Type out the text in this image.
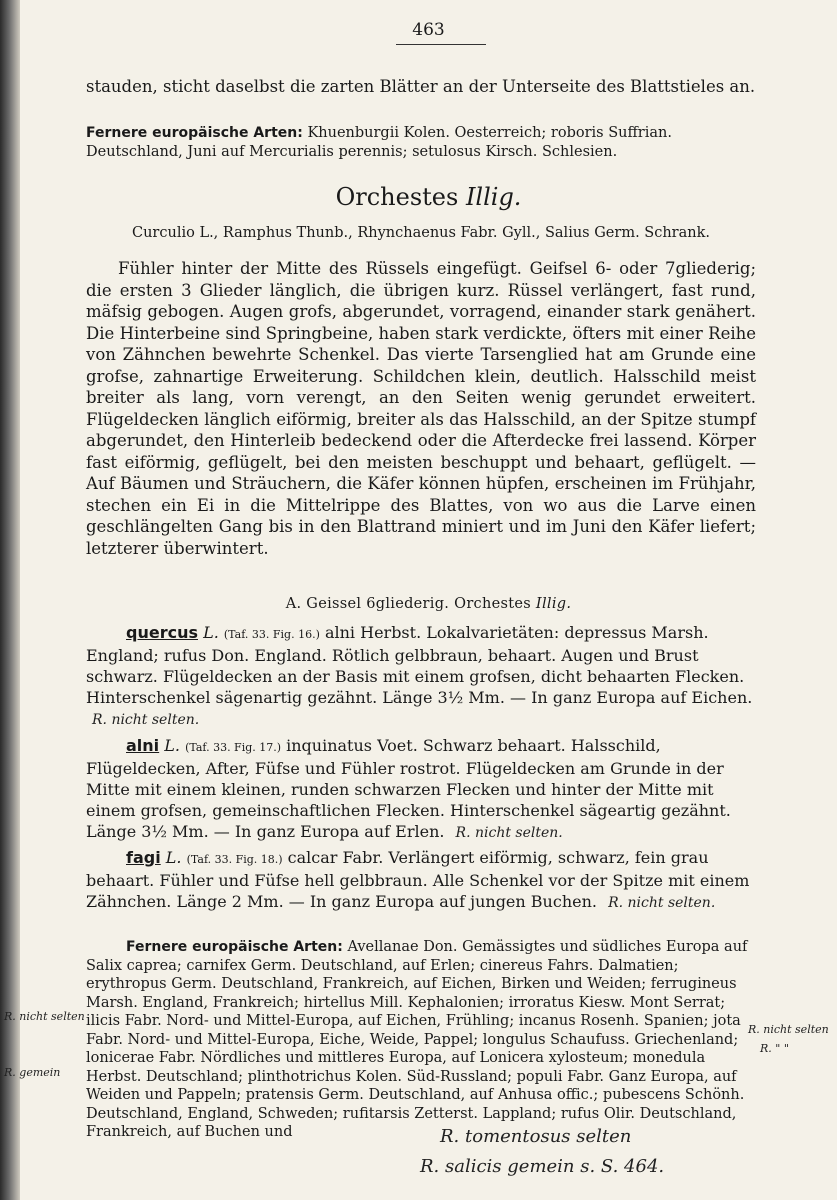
463
stauden, sticht daselbst die zarten Blätter an der Unterseite des Blattstieles an.
Fernere europäische Arten: Khuenburgii Kolen. Oesterreich; roboris Suffrian. Deutschland, Juni auf Mercurialis perennis; setulosus Kirsch. Schlesien.
Orchestes Illig.
Curculio L., Ramphus Thunb., Rhynchaenus Fabr. Gyll., Salius Germ. Schrank.
Fühler hinter der Mitte des Rüssels eingefügt. Geifsel 6- oder 7gliederig; die ersten 3 Glieder länglich, die übrigen kurz. Rüssel verlängert, fast rund, mäfsig gebogen. Augen grofs, abgerundet, vorragend, einander stark genähert. Die Hinterbeine sind Springbeine, haben stark verdickte, öfters mit einer Reihe von Zähnchen bewehrte Schenkel. Das vierte Tarsenglied hat am Grunde eine grofse, zahnartige Erweiterung. Schildchen klein, deutlich. Halsschild meist breiter als lang, vorn verengt, an den Seiten wenig gerundet erweitert. Flügeldecken länglich eiförmig, breiter als das Halsschild, an der Spitze stumpf abgerundet, den Hinterleib bedeckend oder die Afterdecke frei lassend. Körper fast eiförmig, geflügelt, bei den meisten beschuppt und behaart, geflügelt. — Auf Bäumen und Sträuchern, die Käfer können hüpfen, erscheinen im Frühjahr, stechen ein Ei in die Mittelrippe des Blattes, von wo aus die Larve einen geschlängelten Gang bis in den Blattrand miniert und im Juni den Käfer liefert; letzterer überwintert.
A. Geissel 6gliederig. Orchestes Illig.
quercus L. (Taf. 33. Fig. 16.) alni Herbst. Lokalvarietäten: depressus Marsh. England; rufus Don. England. Rötlich gelbbraun, behaart. Augen und Brust schwarz. Flügeldecken an der Basis mit einem grofsen, dicht behaarten Flecken. Hinterschenkel sägenartig gezähnt. Länge 3½ Mm. — In ganz Europa auf Eichen. R. nicht selten.
alni L. (Taf. 33. Fig. 17.) inquinatus Voet. Schwarz behaart. Halsschild, Flügeldecken, After, Füfse und Fühler rostrot. Flügeldecken am Grunde in der Mitte mit einem kleinen, runden schwarzen Flecken und hinter der Mitte mit einem grofsen, gemeinschaftlichen Flecken. Hinterschenkel sägeartig gezähnt. Länge 3½ Mm. — In ganz Europa auf Erlen. R. nicht selten.
fagi L. (Taf. 33. Fig. 18.) calcar Fabr. Verlängert eiförmig, schwarz, fein grau behaart. Fühler und Füfse hell gelbbraun. Alle Schenkel vor der Spitze mit einem Zähnchen. Länge 2 Mm. — In ganz Europa auf jungen Buchen. R. nicht selten.
Fernere europäische Arten: Avellanae Don. Gemässigtes und südliches Europa auf Salix caprea; carnifex Germ. Deutschland, auf Erlen; cinereus Fahrs. Dalmatien; erythropus Germ. Deutschland, Frankreich, auf Eichen, Birken und Weiden; ferrugineus Marsh. England, Frankreich; hirtellus Mill. Kephalonien; irroratus Kiesw. Mont Serrat; ilicis Fabr. Nord- und Mittel-Europa, auf Eichen, Frühling; incanus Rosenh. Spanien; jota Fabr. Nord- und Mittel-Europa, Eiche, Weide, Pappel; longulus Schaufuss. Griechenland; lonicerae Fabr. Nördliches und mittleres Europa, auf Lonicera xylosteum; monedula Herbst. Deutschland; plinthotrichus Kolen. Süd-Russland; populi Fabr. Ganz Europa, auf Weiden und Pappeln; pratensis Germ. Deutschland, auf Anhusa offic.; pubescens Schönh. Deutschland, England, Schweden; rufitarsis Zetterst. Lappland; rufus Olir. Deutschland, Frankreich, auf Buchen und
R. nicht selten
R. gemein
R. nicht selten
R. " "
R. tomentosus selten
R. salicis gemein s. S. 464.
